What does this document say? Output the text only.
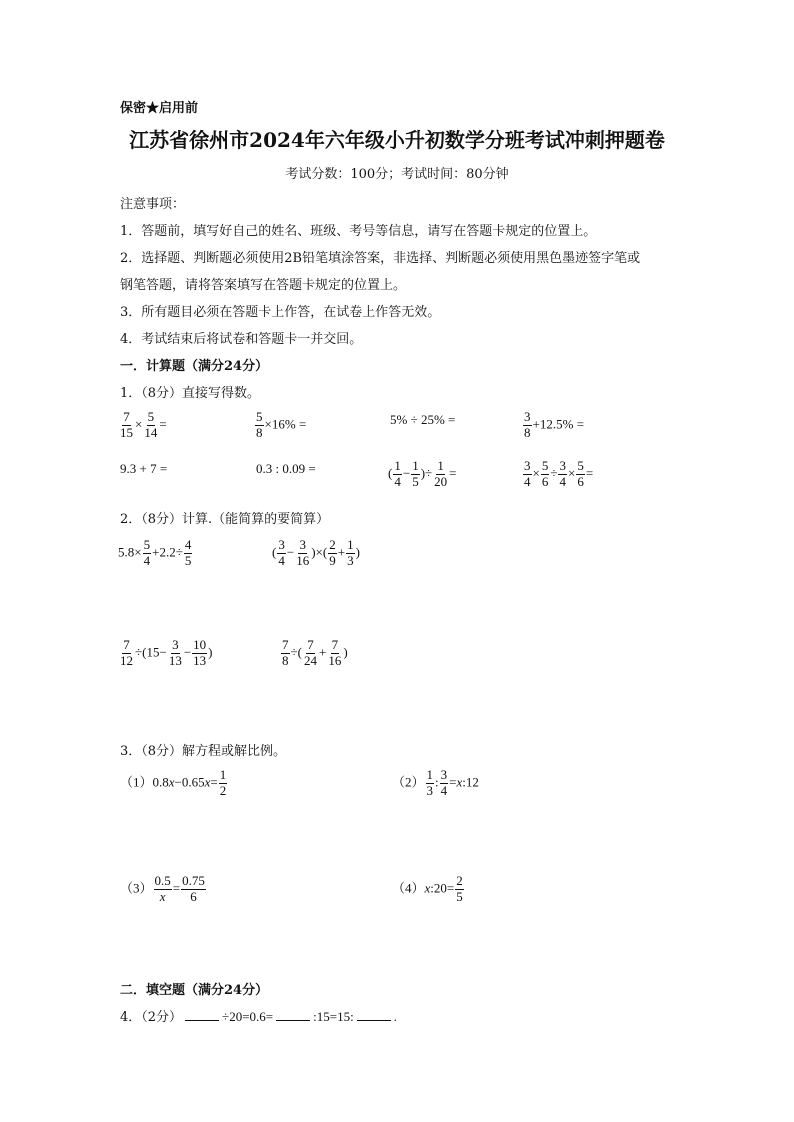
保密★启用前
江苏省徐州市2024年六年级小升初数学分班考试冲刺押题卷
考试分数：100分；考试时间：80分钟
注意事项：
1．答题前，填写好自己的姓名、班级、考号等信息，请写在答题卡规定的位置上。
2．选择题、判断题必须使用2B铅笔填涂答案，非选择、判断题必须使用黑色墨迹签字笔或
钢笔答题，请将答案填写在答题卡规定的位置上。
3．所有题目必须在答题卡上作答，在试卷上作答无效。
4．考试结束后将试卷和答题卡一并交回。
一．计算题（满分24分）
1．（8分）直接写得数。
$\frac{7}{15} \times \frac{5}{14}$ =	$\frac{5}{8} \times 16\%$ =	5% ÷ 25% =	$\frac{3}{8} +12.5\%$ =
9.3 + 7 =	0.3 : 0.09 =	( $\frac{1}{4} - \frac{1}{5}$ )÷ $\frac{1}{20}$ =	$\frac{3}{4} \times \frac{5}{6} \div \frac{3}{4} \times \frac{5}{6}$ =
2．（8分）计算.（能简算的要简算）
$5.8\times \frac{5}{4} +2.2\div \frac{4}{5}$	( $\frac{3}{4} - \frac{3}{16}$ )×( $\frac{2}{9} + \frac{1}{3}$ )
$\frac{7}{12} \div(15- \frac{3}{13} - \frac{10}{13}$ )	$\frac{7}{8}$ ÷( $\frac{7}{24} + \frac{7}{16}$ )
3．（8分）解方程或解比例。
$(1)0.8x-0.65x= \frac{1}{2}$	$(2) \frac{1}{3}$ : $\frac{3}{4}$ =x:12
$(3) \frac{0.5}{x} = \frac{0.75}{6}$	（4）x:20= $\frac{2}{5}$
二．填空题（满分24分）
4．（2分）	÷20=0.6=	:15=15:	.
